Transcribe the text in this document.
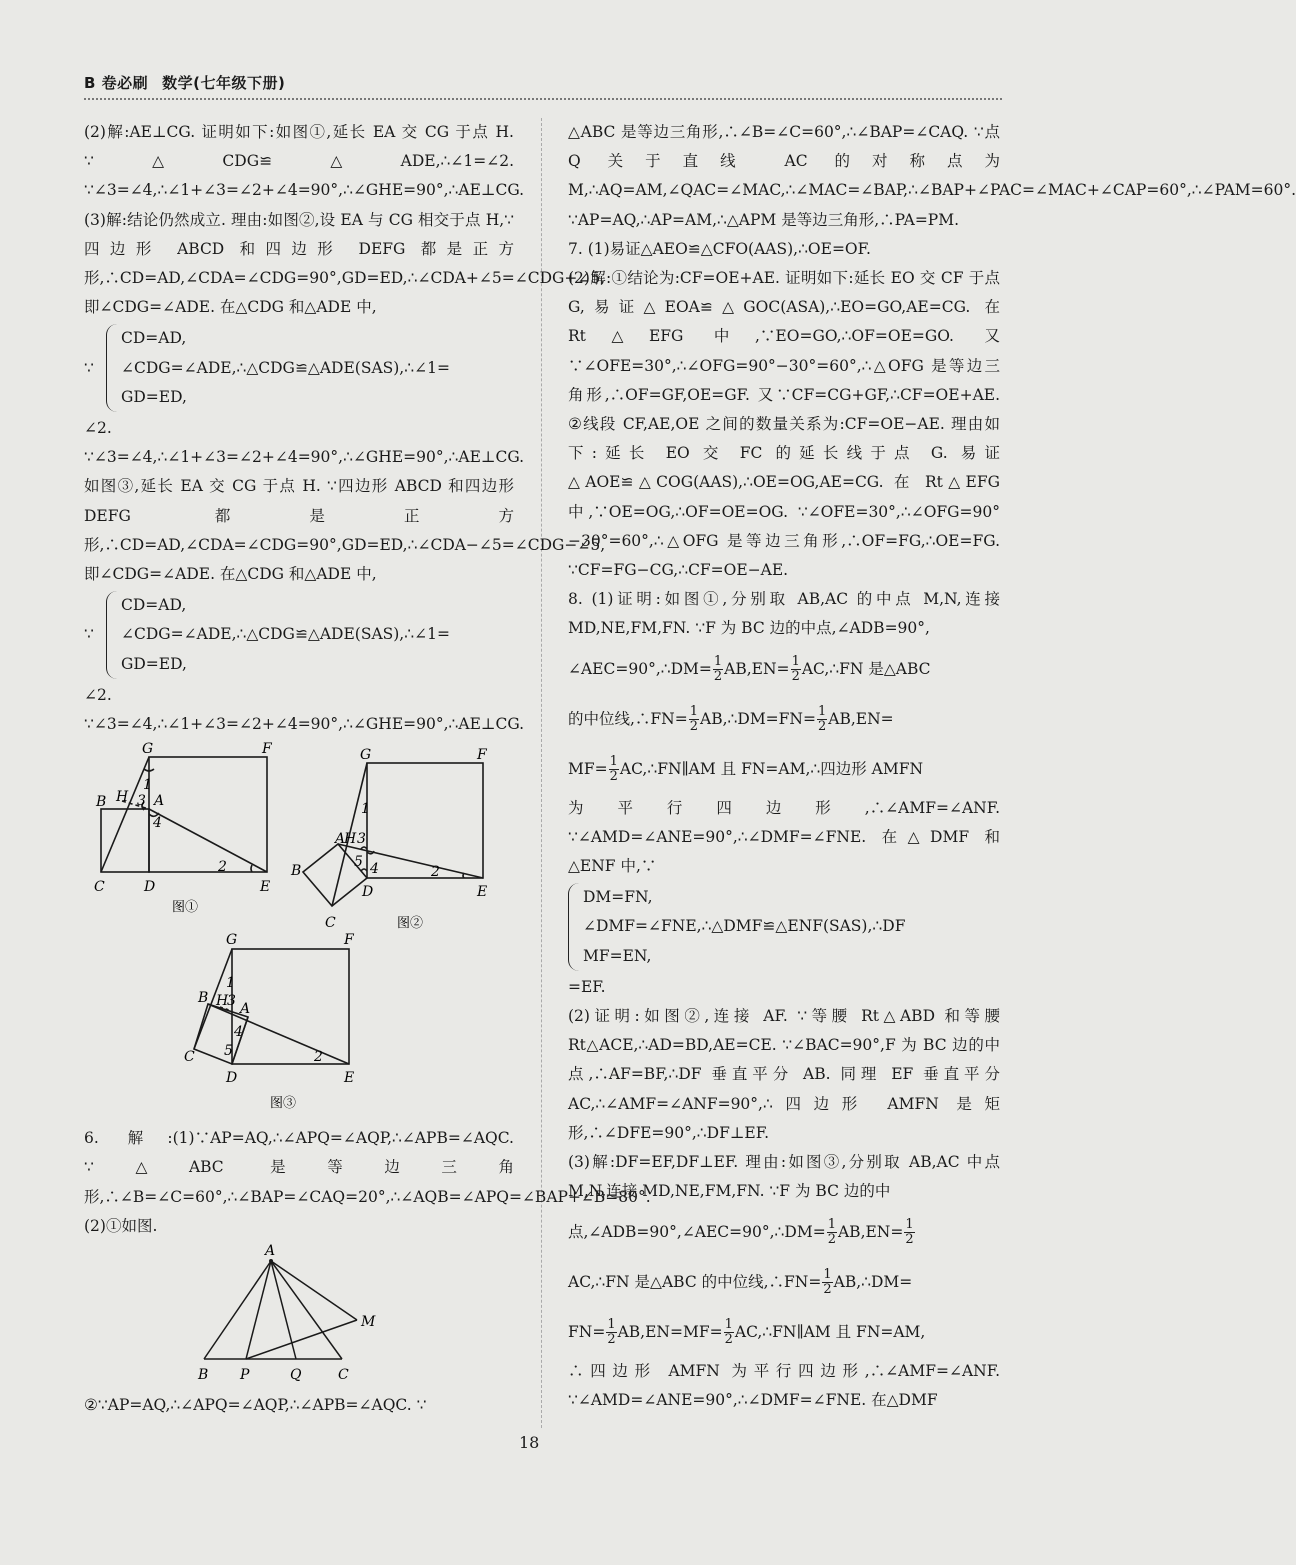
B 卷必刷 数学(七年级下册)

(2)解:AE⊥CG. 证明如下:如图①,延长 EA 交 CG 于点 H. ∵△CDG≌△ADE,∴∠1=∠2. ∵∠3=∠4,∴∠1+∠3=∠2+∠4=90°,∴∠GHE=90°,∴AE⊥CG.

(3)解:结论仍然成立. 理由:如图②,设 EA 与 CG 相交于点 H,∵四边形 ABCD 和四边形 DEFG 都是正方形,∴CD=AD,∠CDA=∠CDG=90°,GD=ED,∴∠CDA+∠5=∠CDG+∠5,即∠CDG=∠ADE. 在△CDG 和△ADE 中,

∵
CD=AD,
∠CDG=∠ADE,∴△CDG≌△ADE(SAS),∴∠1=
GD=ED,

∠2. ∵∠3=∠4,∴∠1+∠3=∠2+∠4=90°,∴∠GHE=90°,∴AE⊥CG. 如图③,延长 EA 交 CG 于点 H. ∵四边形 ABCD 和四边形 DEFG 都是正方形,∴CD=AD,∠CDA=∠CDG=90°,GD=ED,∴∠CDA−∠5=∠CDG−∠5,即∠CDG=∠ADE. 在△CDG 和△ADE 中,

∵
CD=AD,
∠CDG=∠ADE,∴△CDG≌△ADE(SAS),∴∠1=
GD=ED,

∠2. ∵∠3=∠4,∴∠1+∠3=∠2+∠4=90°,∴∠GHE=90°,∴AE⊥CG.

G	F
B H A
C	D	E
1
3
4
2
图①
G	F
A
H
B
C
D	E
1
3
5 4	2
图②
G	F
B H A
C
D	E
1
3
4
5	2
图③

6. 解:(1)∵AP=AQ,∴∠APQ=∠AQP,∴∠APB=∠AQC. ∵△ABC 是等边三角形,∴∠B=∠C=60°,∴∠BAP=∠CAQ=20°,∴∠AQB=∠APQ=∠BAP+∠B=80°.

(2)①如图.

A
B P	Q	C
M

②∵AP=AQ,∴∠APQ=∠AQP,∴∠APB=∠AQC. ∵

△ABC 是等边三角形,∴∠B=∠C=60°,∴∠BAP=∠CAQ. ∵点 Q 关于直线 AC 的对称点为 M,∴AQ=AM,∠QAC=∠MAC,∴∠MAC=∠BAP,∴∠BAP+∠PAC=∠MAC+∠CAP=60°,∴∠PAM=60°. ∵AP=AQ,∴AP=AM,∴△APM 是等边三角形,∴PA=PM.

7. (1)易证△AEO≌△CFO(AAS),∴OE=OF.

(2)解:①结论为:CF=OE+AE. 证明如下:延长 EO 交 CF 于点 G,易证△EOA≌△GOC(ASA),∴EO=GO,AE=CG. 在 Rt△EFG 中,∵EO=GO,∴OF=OE=GO. 又∵∠OFE=30°,∴∠OFG=90°−30°=60°,∴△OFG 是等边三角形,∴OF=GF,OE=GF. 又∵CF=CG+GF,∴CF=OE+AE. ②线段 CF,AE,OE 之间的数量关系为:CF=OE−AE. 理由如下:延长 EO 交 FC 的延长线于点 G. 易证△AOE≌△COG(AAS),∴OE=OG,AE=CG. 在 Rt△EFG 中,∵OE=OG,∴OF=OE=OG. ∵∠OFE=30°,∴∠OFG=90°−30°=60°,∴△OFG 是等边三角形,∴OF=FG,∴OE=FG. ∵CF=FG−CG,∴CF=OE−AE.

8. (1)证明:如图①,分别取 AB,AC 的中点 M,N,连接 MD,NE,FM,FN. ∵F 为 BC 边的中点,∠ADB=90°,

∠AEC=90°,∴DM= $\frac{1}{2} AB,EN= \frac{1}{2}$ AC,∴FN 是△ABC

的中位线,∴FN= $\frac{1}{2}$ AB,∴DM=FN= $\frac{1}{2} AB,EN=$

$MF= \frac{1}{2}$ AC,∴FN∥AM 且 FN=AM,∴四边形 AMFN

为平行四边形,∴∠AMF=∠ANF. ∵∠AMD=∠ANE=90°,∴∠DMF=∠FNE. 在△DMF 和△ENF 中,∵

DM=FN,
∠DMF=∠FNE,∴△DMF≌△ENF(SAS),∴DF
MF=EN,

=EF.

(2)证明:如图②,连接 AF. ∵等腰 Rt△ABD 和等腰 Rt△ACE,∴AD=BD,AE=CE. ∵∠BAC=90°,F 为 BC 边的中点,∴AF=BF,∴DF 垂直平分 AB. 同理 EF 垂直平分 AC,∴∠AMF=∠ANF=90°,∴四边形 AMFN 是矩形,∴∠DFE=90°,∴DF⊥EF.

(3)解:DF=EF,DF⊥EF. 理由:如图③,分别取 AB,AC 中点 M,N,连接 MD,NE,FM,FN. ∵F 为 BC 边的中

点,∠ADB=90°,∠AEC=90°,∴DM= $\frac{1}{2} AB,EN= \frac{1}{2}$

AC,∴FN 是△ABC 的中位线,∴FN= $\frac{1}{2}$ AB,∴DM=

$FN= \frac{1}{2} AB,EN=MF= \frac{1}{2}$ AC,∴FN∥AM 且 FN=AM,

∴四边形 AMFN 为平行四边形,∴∠AMF=∠ANF. ∵∠AMD=∠ANE=90°,∴∠DMF=∠FNE. 在△DMF

18
